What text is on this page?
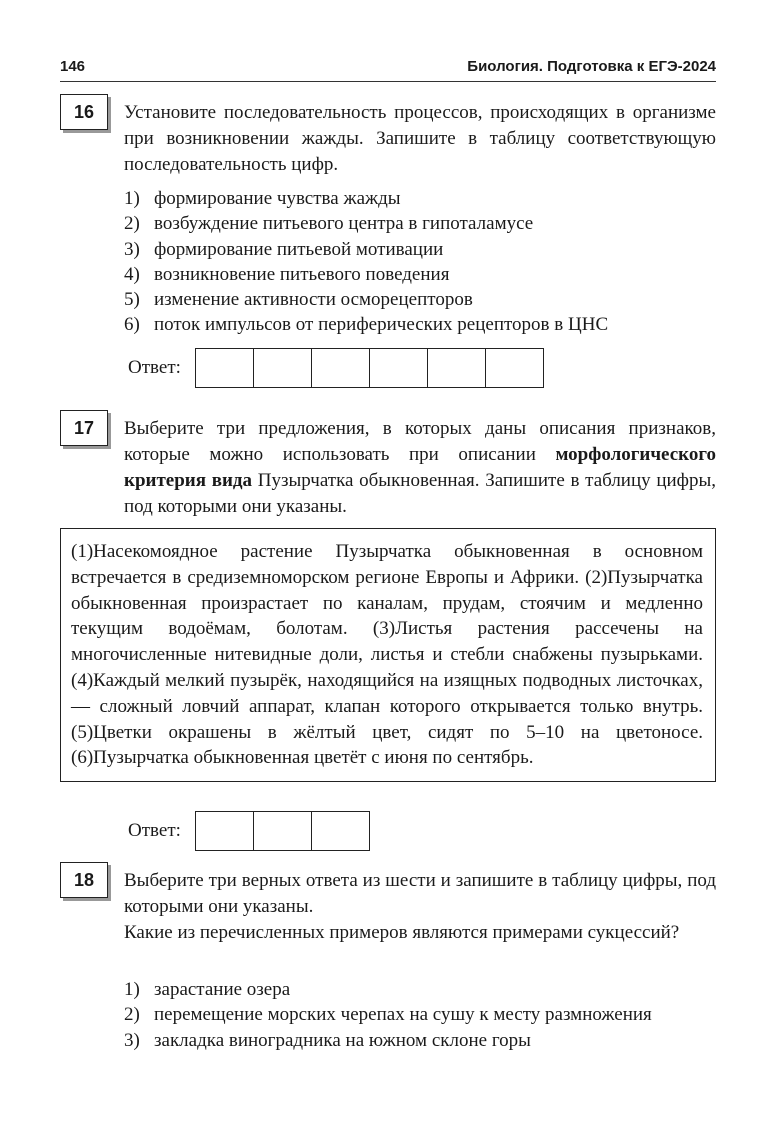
146	Биология. Подготовка к ЕГЭ-2024
16	Установите последовательность процессов, происходящих в организме при возникновении жажды. Запишите в таблицу соответствующую последовательность цифр.
1) формирование чувства жажды
2) возбуждение питьевого центра в гипоталамусе
3) формирование питьевой мотивации
4) возникновение питьевого поведения
5) изменение активности осморецепторов
6) поток импульсов от периферических рецепторов в ЦНС
Ответ:
17	Выберите три предложения, в которых даны описания признаков, которые можно использовать при описании морфологического критерия вида Пузырчатка обыкновенная. Запишите в таблицу цифры, под которыми они указаны.
(1)Насекомоядное растение Пузырчатка обыкновенная в основном встречается в средиземноморском регионе Европы и Африки. (2)Пузырчатка обыкновенная произрастает по каналам, прудам, стоячим и медленно текущим водоёмам, болотам. (3)Листья растения рассечены на многочисленные нитевидные доли, листья и стебли снабжены пузырьками. (4)Каждый мелкий пузырёк, находящийся на изящных подводных листочках, — сложный ловчий аппарат, клапан которого открывается только внутрь. (5)Цветки окрашены в жёлтый цвет, сидят по 5–10 на цветоносе. (6)Пузырчатка обыкновенная цветёт с июня по сентябрь.
Ответ:
18	Выберите три верных ответа из шести и запишите в таблицу цифры, под которыми они указаны.
Какие из перечисленных примеров являются примерами сукцессий?
1) зарастание озера
2) перемещение морских черепах на сушу к месту размножения
3) закладка виноградника на южном склоне горы
